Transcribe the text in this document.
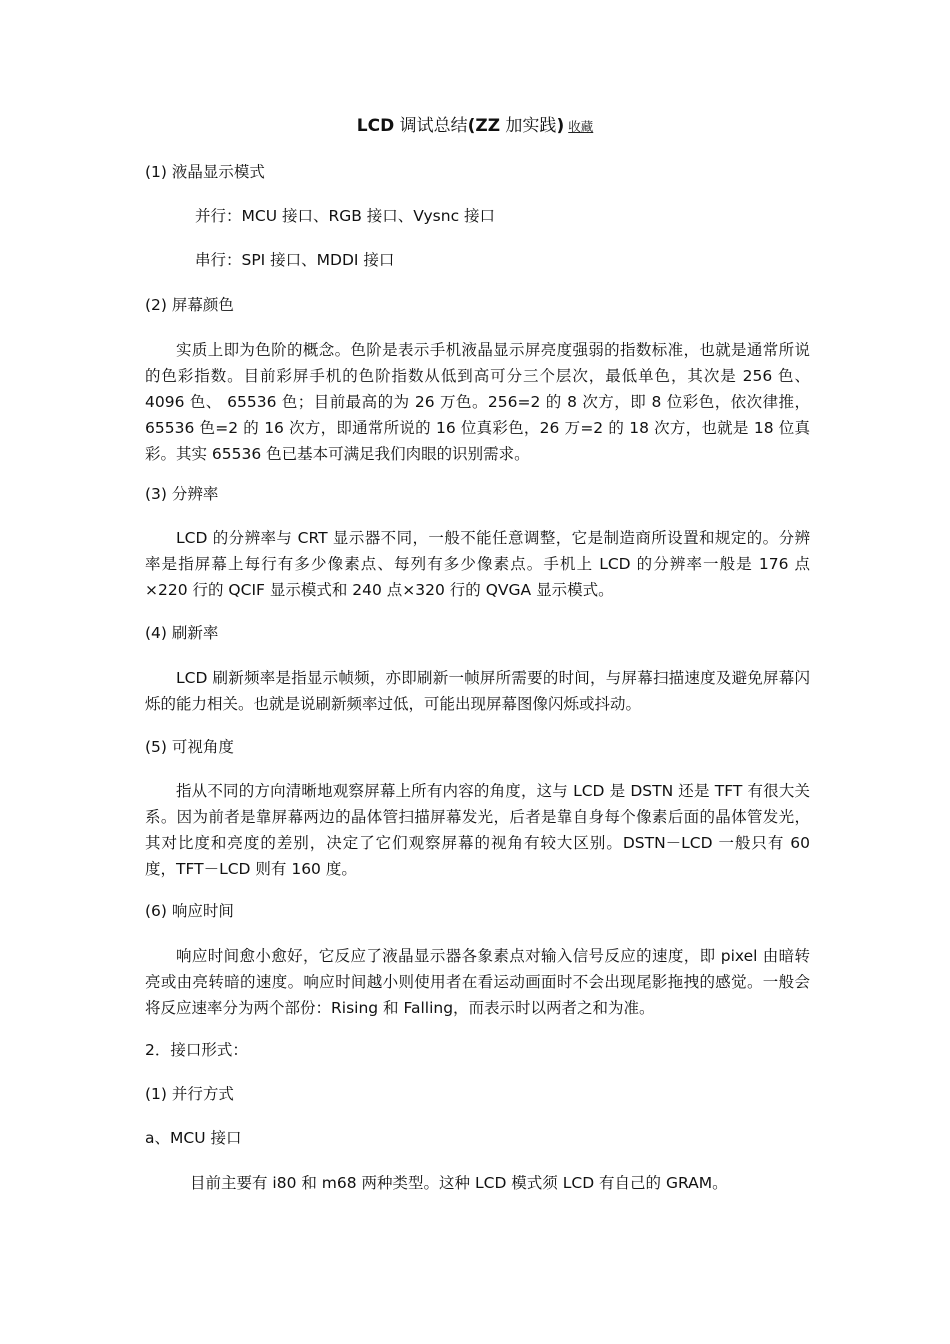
LCD 调试总结(ZZ 加实践) 收藏
(1) 液晶显示模式
并行：MCU 接口、RGB 接口、Vysnc 接口
串行：SPI 接口、MDDI 接口
(2) 屏幕颜色
实质上即为色阶的概念。色阶是表示手机液晶显示屏亮度强弱的指数标准，也就是通常所说的色彩指数。目前彩屏手机的色阶指数从低到高可分三个层次，最低单色，其次是 256 色、4096 色、 65536 色；目前最高的为 26 万色。256=2 的 8 次方，即 8 位彩色，依次律推，65536 色=2 的 16 次方，即通常所说的 16 位真彩色，26 万=2 的 18 次方，也就是 18 位真彩。其实 65536 色已基本可满足我们肉眼的识别需求。
(3) 分辨率
LCD 的分辨率与 CRT 显示器不同，一般不能任意调整，它是制造商所设置和规定的。分辨率是指屏幕上每行有多少像素点、每列有多少像素点。手机上 LCD 的分辨率一般是 176 点×220 行的 QCIF 显示模式和 240 点×320 行的 QVGA 显示模式。
(4) 刷新率
LCD 刷新频率是指显示帧频，亦即刷新一帧屏所需要的时间，与屏幕扫描速度及避免屏幕闪烁的能力相关。也就是说刷新频率过低，可能出现屏幕图像闪烁或抖动。
(5) 可视角度
指从不同的方向清晰地观察屏幕上所有内容的角度，这与 LCD 是 DSTN 还是 TFT 有很大关系。因为前者是靠屏幕两边的晶体管扫描屏幕发光，后者是靠自身每个像素后面的晶体管发光，其对比度和亮度的差别，决定了它们观察屏幕的视角有较大区别。DSTN－LCD 一般只有 60 度，TFT－LCD 则有 160 度。
(6) 响应时间
响应时间愈小愈好，它反应了液晶显示器各象素点对输入信号反应的速度，即 pixel 由暗转亮或由亮转暗的速度。响应时间越小则使用者在看运动画面时不会出现尾影拖拽的感觉。一般会将反应速率分为两个部份：Rising 和 Falling，而表示时以两者之和为准。
2．接口形式：
(1) 并行方式
a、MCU 接口
目前主要有 i80 和 m68 两种类型。这种 LCD 模式须 LCD 有自己的 GRAM。
